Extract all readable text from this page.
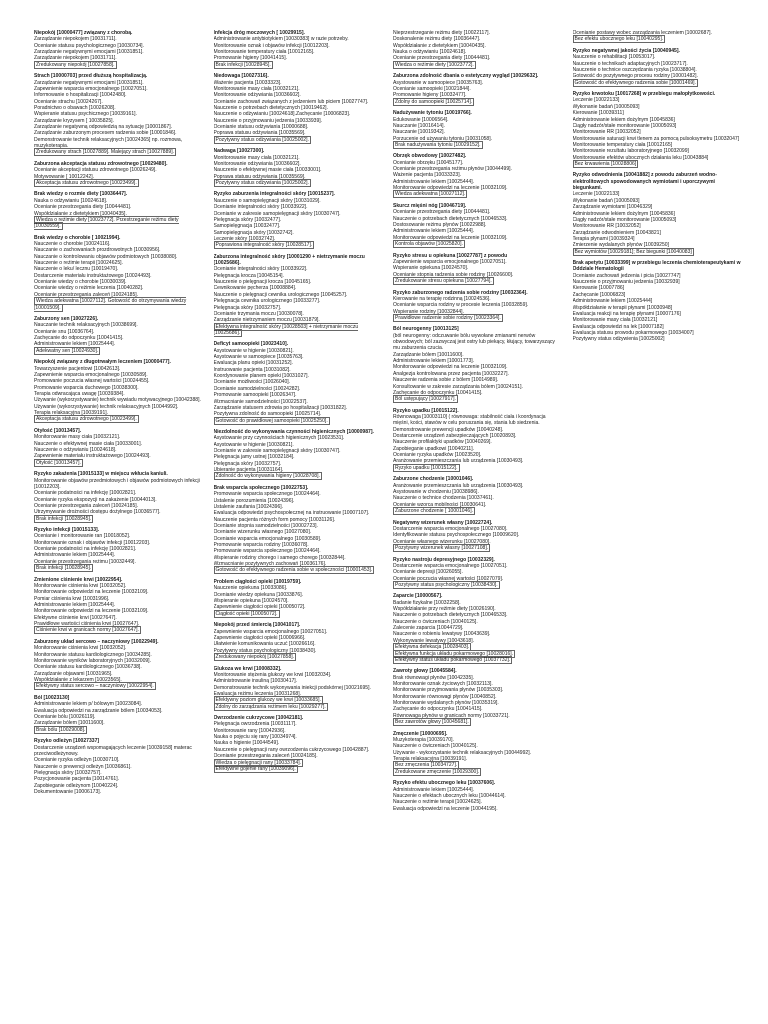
Niepokój [10000477] związany z chorobą.
Zarządzanie niepokojem [10031711].
Ocenianie statusu psychologicznego [10030734].
Zarządzanie negatywnymi emocjami [10031851].
Zarządzanie niepokojem [10031711].
Zredukowany niepokój [10027858].
Strach [10000703] przed dłuższą hospitalizacją.
Zarządzanie negatywnymi emocjami [10031851].
Zapewnienie wsparcia emocjonalnego [10027051].
Informowanie o hospitalizacji [10042480].
Ocenianie strachu [10024267].
Poradnictwo o obawach [10026208].
Wspieranie statusu psychicznego [10039161].
Zarządzanie kryzysem [ 10035825].
Zarządzanie negatywną odpowiedzią na sytuację [10001867].
Zarządzanie zaburzonym procesem radzenia sobie [10001846].
Demonstrowanie technik relaksacyjnych [10024365] np. rozmowa, muzykoterapia.
Zredukowany strach [10027889]. Malejący strach [10027889].
Zaburzona akceptacja statusu zdrowotnego [10029480].
Ocenianie akceptacji statusu zdrowotnego [10026249].
Motywowanie [ 10012242].
Akceptacja statusu zdrowotnego [10023499].
Brak wiedzy o rozmie diety [10036447].
Nauka o odżywianiu [10024618].
Ocenianie przestrzegania diety [10044481].
Współdziałanie z dietetykiem [10040435].
Wiedza o reżimie diety [10023772]. Przestrzeganie reżimu diety [10030559].
Brak wiedzy o chorobie [ 10021994].
Nauczenie o chorobie [10024116].
Nauczanie o zachowaniach prozdrowotnych [10030956].
Nauczanie o kontrolowaniu objawów podmiotowych [10038080].
Nauczenie o reżimie terapii [10024625].
Nauczenie o leku/ lecznu [10019470].
Dostarczenie materiału instruktażowego [10024493].
Ocenianie wiedzy o chorobie [10030039].
Ocenianie wiedzy o reżimie leczenia [10040282].
Ocenianie przestrzegania zaleceń [10024185].
Wiedza adekwatna [10027112]. Gotowość do otrzymywania wiedzy [10001509].
Zaburzony sen [10027226].
Nauczanie technik relaksacyjnych [10038699].
Ocenianie snu [10036764].
Zachęcanie do odpoczynku [10041415].
Administrowanie lekiem [10025444].
Adekwatny sen [10024930].
Niepokój związany z długotrwałym leczeniem [10000477].
Towarzyszenie pacjentowi [10042613].
Zapewnienie wsparcia emocjonalnego [10030589].
Promowanie poczucia własnej wartości [10024455].
Promowanie wsparcia duchowego [10038300].
Terapia odwracająca uwagę [10039384].
Używanie (wykorzystywanie) technik wywiadu motywacyjnego [10042388].
Używanie (wykorzystywanie) technik relaksacyjnych [10044992].
Terapia relaksacyjna [10039191].
Akceptacja statusu zdrowotnego [10023499].
Otyłość [10013457].
Monitorowanie masy ciała [10032121].
Nauczenie o efektywnej masie ciała [10033001].
Nauczenie o odżywianiu [10024618].
Zapewnienie materiału instruktażowego [10024493].
Otyłość [10013457].
Ryzyko zakażenia [10015133] w miejscu wkłucia kaniuli.
Monitorowanie objawów przedmiotowych i objawów podmiotowych infekcji [10012203].
Ocenianie podatności na infekcję [10002821].
Ocenianie ryzyka ekspozycji na zakażenie [10044013].
Ocenianie przestrzegania zaleceń [10024185].
Utrzymywanie drożności dostępu dożylnego [10036577].
Brak infekcji [10028945].
Ryzyko infekcji [10015133].
Ocenianie i monitorowanie ran [10018052].
Monitorowanie oznak i objawów infekcji [10012203].
Ocenianie podatności na infekcję [10002821].
Administrowanie lekiem [10025444].
Ocenianie przestrzegania reżimu [10032449].
Brak infekcji [10028945].
Zmienione ciśnienie krwi [10022954].
Monitorowanie ciśnienia krwi [10032052].
Monitorowanie odpowiedzi na leczenie [10032109].
Pomiar ciśnienia krwi [10031996].
Administrowanie lekiem [10025444].
Monitorowanie odpowiedzi na leczenie [10032109].
Efektywne ciśnienie krwi [10027647].
Prawidłowe wartości ciśnienia krwi [10027647].
Ciśnienie krwi w granicach normy [10027647].
Zaburzony układ sercowo – naczyniowy [10022949].
Monitorowanie ciśnienia krwi [10032052].
Monitorowanie statusu kardiologicznego [10034285].
Monitorowanie wyników laboratoryjnych [10032009].
Ocenianie statusu kardiologicznego [10036738].
Zarządzanie objawami [10031965].
Współdziałanie z lekarzem [10023565].
Efektywny status sercowo – naczyniowy [10022954].
Ból [10023130]
Administrowanie lekiem p/ bólowym [10023084].
Ewaluacja odpowiedzi na zarządzanie bólem [10034053].
Ocenianie bólu [10026119].
Zarządzanie bólem [10011600].
Brak bólu [10029008].
Ryzyko odleżyn [10027337]
Dostarczenie urządzeń wspomagających leczenie [10039158] materac przeciwodleżynowy.
Ocenianie ryzyka odleżyn [10030710].
Nauczenie o prewencji odleżyn [10036861].
Pielęgnacja skóry [10032757].
Pozycjonowanie pacjenta [10014761].
Zapobieganie odleżynom [10040224].
Dokumentowanie [10006173].
Infekcja dróg moczowych [ 10029915].
Administrowanie antybiotykiem [10030383] w razie potrzeby.
Monitorowanie oznak i objawów infekcji [10012203].
Monitorowanie temperatury ciała [10012165].
Promowanie higieny [10041415].
Brak infekcji [10028945].
Niedowaga [10027316].
Ważenie pacjenta [10033323].
Monitorowanie masy ciała [10032121].
Monitorowanie odżywiania [10036602].
Ocenianie zachowań związanych z jedzeniem lub piciem [10027747].
Nauczenie o potrzebach dietetycznych [10019462].
Nauczenie o odżywianiu [10024618].Zachęcanie [10006823].
Nauczenie o przyjmowaniu jedzenia [10033939].
Ocenianie statusu odżywiania [10000688].
Poprawa statusu odżywiania [10035569].
Pozytywny status odżywiania [10025002].
Nadwaga [10027300].
Monitorowanie masy ciała [10032121].
Monitorowanie odżywiania [10036602].
Nauczenie o efektywnej masie ciała [10033001].
Poprawa statusu odżywiania [10035569].
Pozytywny status odżywiania [10025002].
Ryzyko zaburzenia integralności skóry [10015237].
Nauczenie o samopielęgnacji skóry [10031029].
Ocenianie integralności skóry [10033922].
Ocenianie w zakresie samopielęgnacji skóry [10030747].
Pielęgnacja skóry [10032477].
Samopielęgnacja [10032477].
Samopielęgnacja skóry [10032742].
Leczenie skóry [10032742].
Poprawiona integralność skóry [10028517].
Zaburzona integralność skóry [10001290 + nietrzymanie moczu [10025686].
Ocenianie integralności skóry [10033922].
Pielęgnacja krocza [10045154].
Nauczenie o pielęgnacji krocza [10045165].
Cewnikowanie pęcherza [10008884].
Nauczenie o pielęgnacji cewnika urologicznego [10045257].
Pielęgnacja cewnika urologicznego [10033277].
Pielęgnacja skóry [10032757].
Ocenianie trzymania moczu [10030078].
Zarządzanie nietrzymaniem moczu [10031879].
Efektywna integralność skóry [10028503] + nietrzymanie moczu [10025686].
Deficyt samoopieki [10023410].
Asystowanie w higienie [10030821].
Asystowanie w samoopiece [10035763].
Ewaluacja planu opieki [10031252].
Instruowanie pacjenta [10031082].
Koordynowanie planem opieki [10031027].
Ocenianie możliwości [10026040].
Ocenianie samodzielności [10024282].
Promowanie samoopieki [10026347].
Wzmacnianie samodzielności [10022537].
Zarządzanie statusem zdrowia po hospitalizacji [10031822].
Pozytywna zdolność do samoopieki [10025714].
Gotowość do prawidłowej samoopieki [10025250].
Niezdolność do wykonywania czynności higienicznych [10000987].
Asystowanie przy czynnościach higienicznych [10023531].
Asystowanie w higienie [10030821].
Ocenianie w zakresie samopielęgnacji skóry [10030747].
Pielęgnacja jamy ustnej [10032184].
Pielęgnacja skóry [10032757].
Ubieranie pacjenta [10031164].
Zdolność do wykonywania higieny [10028708].
Brak wsparcia społecznego [10022753].
Promowanie wsparcia społecznego [10024464].
Ustalenie porozumienia [10024396].
Ustalenie zaufania [10024396].
Ewaluacja odpowiedzi psychospołecznej na instruowanie [10007107].
Nauczenie pacjenta różnych form pomocy [10031126].
Ocenianie stopnia samodzielności [10002723].
Ocenianie wizerunku własnego [10027080].
Ocenianie wsparcia emocjonalnego [10030589].
Promowanie wsparcia rodziny [10036078].
Promowanie wsparcia społecznego [10024464].
Wspieranie rodziny chorego i samego chorego [10032844].
Wzmacnianie pozytywnych zachowań [10036176].
Gotowość do efektywnego radzenia sobie w społeczności [10001453].
Problem ciągłości opieki [10019759].
Nauczenie opiekuna [10033086].
Ocenianie wiedzy opiekuna [10033876].
Wspieranie opiekuna [10024570].
Zapewnienie ciągłości opieki [10005072].
Ciągłość opieki [10005072].
Niepokój przed śmiercią [10041017].
Zapewnienie wsparcia emocjonalnego [10027051].
Zapewnienie ciągłości opieki [10006966].
Ułatwienie komunikowania uczuć [10026616].
Pozytywny status psychologiczny [10038430].
Zredukowany niepokój [10027858].
Glukoza we krwi [10008332].
Monitorowanie stężenia glukozy we krwi [10032034].
Administrowanie insuliną [10030417].
Demonstrowanie technik wykonywania iniekcji podskórnej [10021695].
Ewaluacja reżimu leczenia [10031268].
Efektywny poziom glukozy we krwi [10033685].
Zdolny do zarządzania reżimem leku [10029277].
Owrzodzenie cukrzycowe [10042181].
Pielęgnacja owrzodzenia [10031117].
Monitorowanie rany [10042936].
Nauka o pojęciu się rany [10034974].
Nauka o higienie [10044549].
Nauczenie o pielęgnacji rany owrzodzenia cukrzycowego [10042887].
Ocenianie przestrzegania zaleceń [10024185].
Wiedza o pielęgnacji rany [10033784].
Efektywne gojenie rany [10039096].
Nieprzestrzeganie reżimu diety [10022117].
Doskonalenie reżimu diety [10036447].
Współdziałanie z dietetykiem [10040435].
Nauka o odżywianiu [10024618].
Ocenianie przestrzegania diety [10044481].
Wiedza o reżimie diety [10023772].
Zaburzona zdolność dbania o estetyczny wygląd [10029632].
Asystowanie w samoopiece [10035763].
Ocenianie samoopieki [10021844].
Promowanie higieny [10032477].
Zdolny do samoopieki [10025714].
Nadużywanie tytoniu [10019766].
Edukowanie [10006564].
Nauczanie [10016414].
Nauczanie [10019342].
Porzucenie od używaniu tytoniu [10031058].
Brak nadużywania tytoniu [10029152].
Obrzęk obwodowy [10027482].
Ocenianie obrzęku [10045177].
Ocenianie przestrzegania reżimu płynów [10044499].
Ważenie pacjenta [10033323].
Administrowanie lekiem [10025444].
Monitorowanie odpowiedzi na leczenie [10032109].
Wiedza adekwatna [10027112].
Skurcz mięśni nóg [10046719].
Ocenianie przestrzegania diety [10044481].
Nauczenie o potrzebach dietetycznych [10046533].
Dostosowanie reżimu płynów [10022988].
Administrowanie lekiem [10025444].
Monitorowanie odpowiedzi na leczenie [10032109].
Kontrola objawów [10025820].
Ryzyko stresu u opiekuna [10027787] z powodu
Zapewnienie wsparcia emocjonalnego [10027051].
Wspieranie opiekuna [10024570].
Ocenianie stopnia radzenia sobie rodziny [10026600].
Zredukowanie stresu opiekuna [10027794].
Ryzyko zaburzonego radzenia sobie rodziny [10032364].
Kierowanie na terapię rodzinną [10024536].
Ocenianie wsparcia rodziny w procesie leczenia [10032859].
Wspieranie rodziny [10032844].
Prawidłowe radzenie sobie rodziny [10023364].
Ból neurogenny [10013125]
(ból neurogenny: odczuwanie bólu wywołane zmianami nerwów obwodowych; ból zazwyczaj jest ostry lub piekący, kłujący, towarzyszący mu zaburzenia czucia.
Zarządzanie bólem [10011600].
Administrowanie lekiem [10001773].
Monitorowanie odpowiedzi na leczenie [10032109].
Analgezja kontrolowana przez pacjenta [10032227].
Nauczenie radzenia sobie z bólem [10014989].
Konsultowanie w zakresie zarządzania bólem [10024151].
Zachęcanie do odpoczynku [10041415].
Ból ustępujący [10027917].
Ryzyko upadku [10015122].
Równowaga [10003110] ( równowaga: stabilność ciała i koordynacja mięśni, kości, stawów w celu poruszania się, stania lub siedzenia.
Demonstrowanie prewencji upadków [10040248].
Dostarczenie urządzeń zabezpieczających [10020893].
Nauczenie profilaktyki upadków [10040269].
Zapobieganie upadkowi [10040211].
Ocenianie ryzyka upadków [10023520].
Aranżowanie przemieszczania lub urządzenia [10030493].
Ryzyko upadku [10015122].
Zaburzone chodzenie [10001046].
Aranżowanie przemieszczania lub urządzenia [10030493].
Asystowanie w chodzeniu [10038986].
Nauczenie o technice chodzenia [10037461].
Ocenianie wzorca mobilności [10030641].
Zaburzone chodzenie [ 10001046].
Negatywny wizerunek własny [10022724].
Dostarczenie wsparcia emocjonalnego [10027080].
Identyfikowanie statusu psychospołecznego [10009620].
Ocenianie własnego wizerunku [10027080].
Pozytywny wizerunek własny [10027108].
Ryzyko nastroju depresyjnego [10032329].
Dostarczenie wsparcia emocjonalnego [10027051].
Ocenianie depresji [10026055].
Ocenianie poczucia własnej wartości [10027079].
Pozytywny status psychologiczny [10038430].
Zaparcie [10000567].
Badanie fizykalne [10032258].
Współdziałanie przy reżimie diety [10026190].
Nauczenie o potrzebach dietetycznych [10046533].
Nauczenie o ćwiczeniach [10040125].
Zalecenie zaparcia [10044729].
Nauczenie o robieniu lewatywy [10043639].
Wykonywanie lewatywy [10043618].
Efektywna defekacja [10028403].
Efektywna funkcja układu pokarmowego [10028016].
Efektywny status układu pokarmowego [10037732].
Zawroty głowy [10045584].
Brak równowagi płynów [10042335].
Monitorowanie oznak życiowych [10032113].
Monitorowanie przyjmowania płynów [10035303].
Monitorowanie równowagi płynów [10040852].
Monitorowanie wydalanych płynów [10035319].
Zachęcanie do odpoczynku [10041415].
Równowaga płynów w granicach normy [10033721].
Bez zawrotów głowy [10045681].
Zmęczenie [10000695].
Muzykoterapia [10039170].
Nauczenie o ćwiczeniach [10040125].
Używanie - wykorzystanie technik relaksacyjnych [10044992].
Terapia relaksacyjna [10039191].
Bez zmęczenia [10034727].
Zredukowane zmęczenie [10029300].
Ryzyko efektu ubocznego leku [10037606].
Administrowanie lekiem [10025444].
Nauczenie o efektach ubocznych leku [10044614].
Nauczenie o reżimie terapii [10024625].
Ewaluacja odpowiedzi na leczenie [10044195].
Ocenianie postawy wobec zarządzania leczeniem [10002687].
Bez efektu ubocznego leku [10040295].
Ryzyko negatywnej jakości życia [10040945].
Nauczenie o rehabilitacji [10053017].
Nauczenie o technikach adaptacyjnych [10023717].
Nauczenie o technice oszczędzania ryzyka [10038804].
Gotowość do pozytywnego procesu rodziny [10001482].
Gotowość do efektywnego radzenia sobie [10001469].
Ryzyko krwotoku [10017268] w przebiegu małopłytkowości.
Leczenie [10022133]
Wykonanie badań [10005093]
Kierowanie [10039311]
Administrowanie lekiem dożylnym [10045836]
Ciągły nadzór/stałe monitorowanie [10005093]
Monitorowanie RR [10032052]
Monitorowanie saturacji krwi tlenem za pomocą pulsoksymetru [10032047]
Monitorowanie temperatury ciała [10012165]
Monitorowanie rezultatu laboratoryjnego [10032099]
Monitorowanie efektów ubocznych działania leku [10043884]
Bez krwawienia [10028806]
Ryzyko odwodnienia [10041882] z powodu zaburzeń wodno-elektrolitowych spowodowanych wymiotami i uporczywymi biegunkami.
Leczenie [10022133]
Wykonanie badań [10005093]
Zarządzanie wymiotami [10046329]
Administrowanie lekiem dożylnym [10045836]
Ciągły nadzór/stałe monitorowanie [10005093]
Monitorowanie RR [10032052]
Zarządzanie odwodnieniem [10043821]
Terapia płynami [10039324]
Zmierzenie wydalanych płynów [10039250]
Bez wymiotów [10029181]; Bez biegunki [10040083]
Brak apetytu [10033399] w przebiegu leczenia chemioterapeutykami w Oddziale Hematologii
Ocenianie zachowań jedzenia i picia [10027747]
Nauczenie o przyjmowaniu jedzenia [10032939]
Kierowanie [10007786]
Zachęcanie [10006823]
Administrowanie lekiem [10025444]
Współdziałanie w terapii płynami [10030948]
Ewaluacja reakcji na terapię płynami [10007176]
Monitorowanie masy ciała [10032121]
Ewaluacja odpowiedzi na lek [10007182]
Ewaluacja statusu prowodu pokarmowego [10034007]
Pozytywny status odżywienia [10025002]
